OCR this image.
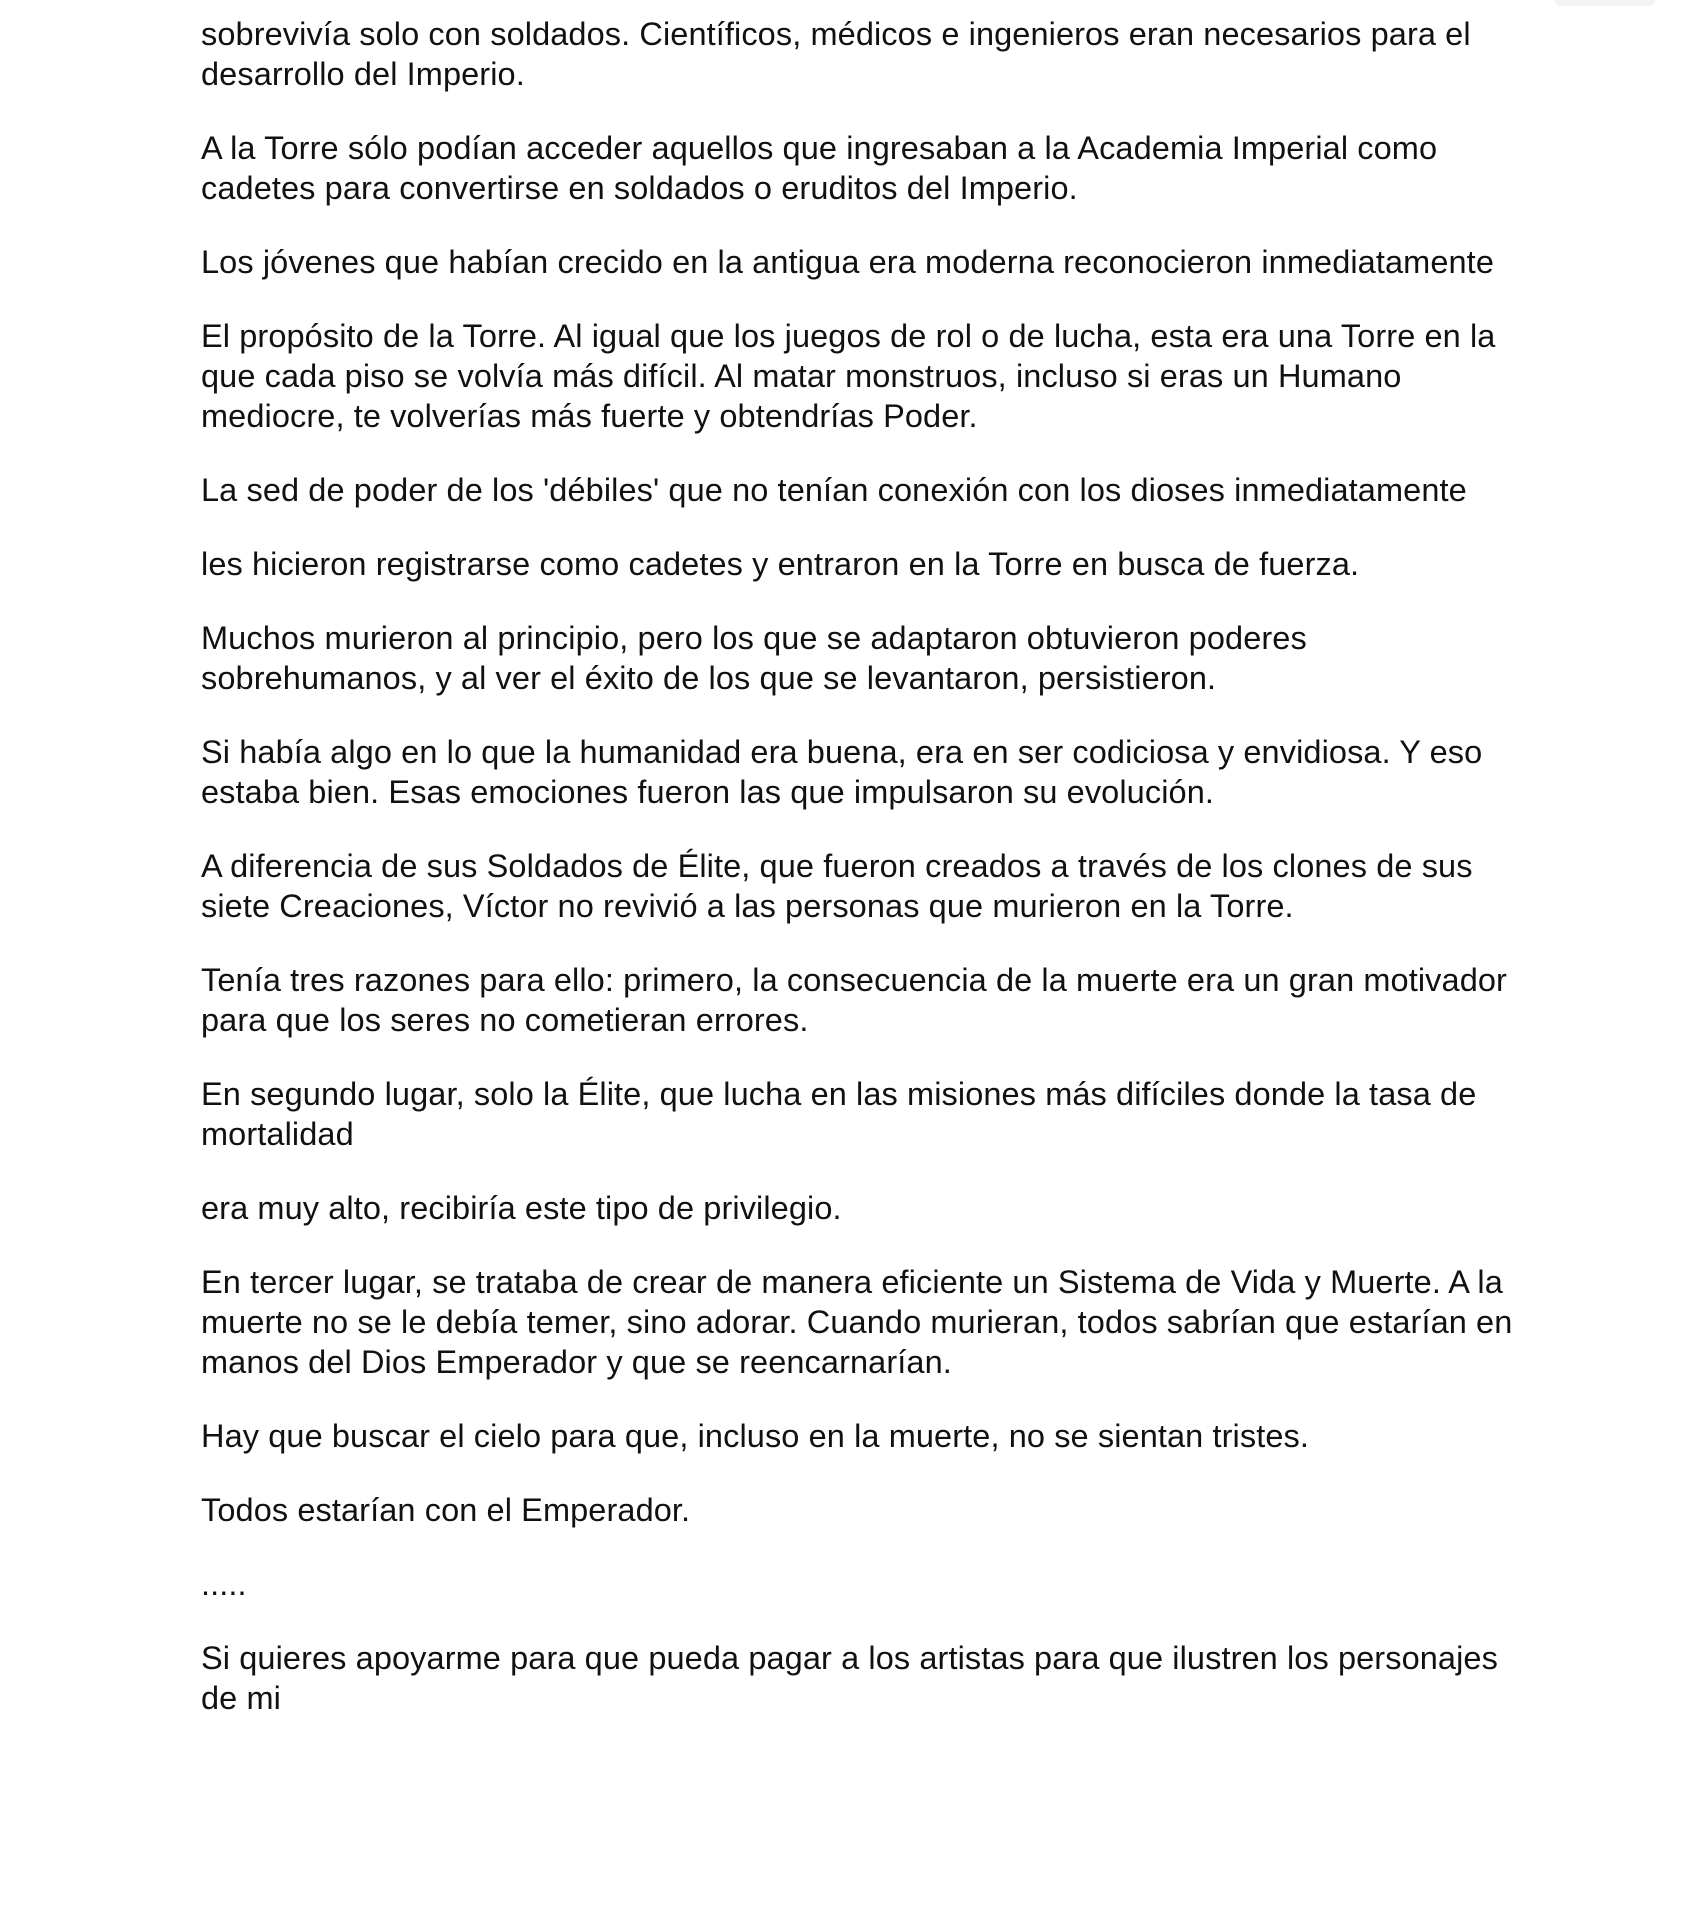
sobrevivía solo con soldados. Científicos, médicos e ingenieros eran necesarios para el desarrollo del Imperio.

A la Torre sólo podían acceder aquellos que ingresaban a la Academia Imperial como cadetes para convertirse en soldados o eruditos del Imperio.

Los jóvenes que habían crecido en la antigua era moderna reconocieron inmediatamente

El propósito de la Torre. Al igual que los juegos de rol o de lucha, esta era una Torre en la que cada piso se volvía más difícil. Al matar monstruos, incluso si eras un Humano mediocre, te volverías más fuerte y obtendrías Poder.

La sed de poder de los 'débiles' que no tenían conexión con los dioses inmediatamente

les hicieron registrarse como cadetes y entraron en la Torre en busca de fuerza.

Muchos murieron al principio, pero los que se adaptaron obtuvieron poderes sobrehumanos, y al ver el éxito de los que se levantaron, persistieron.

Si había algo en lo que la humanidad era buena, era en ser codiciosa y envidiosa. Y eso estaba bien. Esas emociones fueron las que impulsaron su evolución.

A diferencia de sus Soldados de Élite, que fueron creados a través de los clones de sus siete Creaciones, Víctor no revivió a las personas que murieron en la Torre.

Tenía tres razones para ello: primero, la consecuencia de la muerte era un gran motivador para que los seres no cometieran errores.

En segundo lugar, solo la Élite, que lucha en las misiones más difíciles donde la tasa de mortalidad

era muy alto, recibiría este tipo de privilegio.

En tercer lugar, se trataba de crear de manera eficiente un Sistema de Vida y Muerte. A la muerte no se le debía temer, sino adorar. Cuando murieran, todos sabrían que estarían en manos del Dios Emperador y que se reencarnarían.

Hay que buscar el cielo para que, incluso en la muerte, no se sientan tristes.

Todos estarían con el Emperador.

.....

Si quieres apoyarme para que pueda pagar a los artistas para que ilustren los personajes de mi
